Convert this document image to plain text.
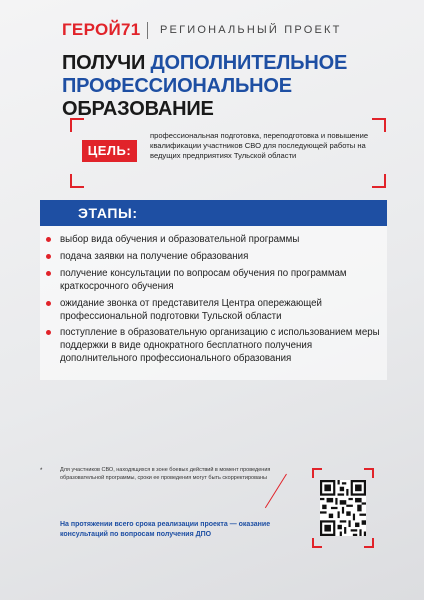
ГЕРОЙ71 РЕГИОНАЛЬНЫЙ ПРОЕКТ
ПОЛУЧИ ДОПОЛНИТЕЛЬНОЕ
ПРОФЕССИОНАЛЬНОЕ ОБРАЗОВАНИЕ
ЦЕЛЬ:
профессиональная подготовка, переподготовка и повышение квалификации участников СВО для последующей работы на ведущих предприятиях Тульской области
ЭТАПЫ:
выбор вида обучения и образовательной программы
подача заявки на получение образования
получение консультации по вопросам обучения по программам краткосрочного обучения
ожидание звонка от представителя Центра опережающей профессиональной подготовки Тульской области
поступление в образовательную организацию с использованием меры поддержки в виде однократного бесплатного получения дополнительного профессионального образования
*	Для участников СВО, находящихся в зоне боевых действий в момент проведения образовательной программы, сроки ее проведения могут быть скорректированы
На протяжении всего срока реализации проекта — оказание консультаций по вопросам получения ДПО
